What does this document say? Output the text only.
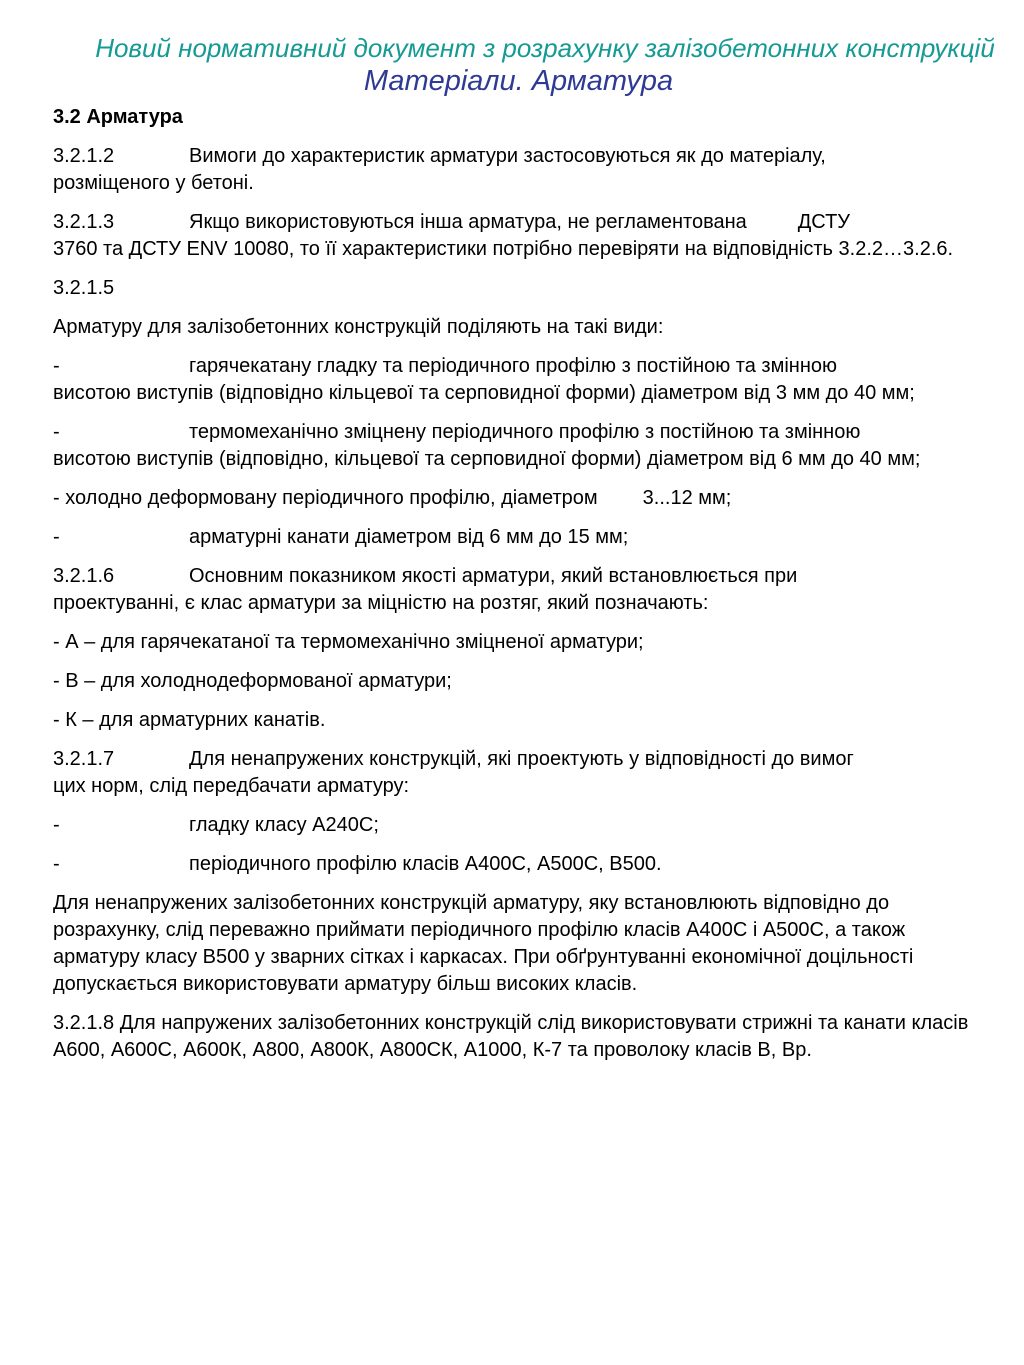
Новий нормативний документ з розрахунку залізобетонних конструкцій
Матеріали. Арматура
3.2 Арматура
3.2.1.2	Вимоги до характеристик арматури застосовуються як до матеріалу,
розміщеного у бетоні.
3.2.1.3	Якщо використовуються інша арматура, не регламентована	ДСТУ
3760 та ДСТУ ENV 10080, то її характеристики потрібно перевіряти на відповідність 3.2.2…3.2.6.
3.2.1.5
Арматуру для залізобетонних конструкцій поділяють на такі види:
-	гарячекатану гладку та періодичного профілю з постійною та змінною
висотою виступів (відповідно кільцевої та серповидної форми) діаметром від 3 мм до 40 мм;
-	термомеханічно зміцнену періодичного профілю з постійною та змінною
висотою виступів (відповідно, кільцевої та серповидної форми) діаметром від 6 мм до 40 мм;
- холодно деформовану періодичного профілю, діаметром 3...12 мм;
-	арматурні канати діаметром від 6 мм до 15 мм;
3.2.1.6	Основним показником якості арматури, який встановлюється при
проектуванні, є клас арматури за міцністю на розтяг, який позначають:
- А – для гарячекатаної та термомеханічно зміцненої арматури;
- В – для холоднодеформованої арматури;
- К – для арматурних канатів.
3.2.1.7	Для ненапружених конструкцій, які проектують у відповідності до вимог
цих норм, слід передбачати арматуру:
-	гладку класу А240С;
-	періодичного профілю класів А400С, А500С, В500.
Для ненапружених залізобетонних конструкцій арматуру, яку встановлюють відповідно до розрахунку, слід переважно приймати періодичного профілю класів А400С і А500С, а також арматуру класу В500 у зварних сітках і каркасах. При обґрунтуванні економічної доцільності допускається використовувати арматуру більш високих класів.
3.2.1.8 Для напружених залізобетонних конструкцій слід використовувати стрижні та канати класів А600, А600С, А600К, А800, А800К, А800СК, А1000, К-7 та проволоку класів В, Вр.
